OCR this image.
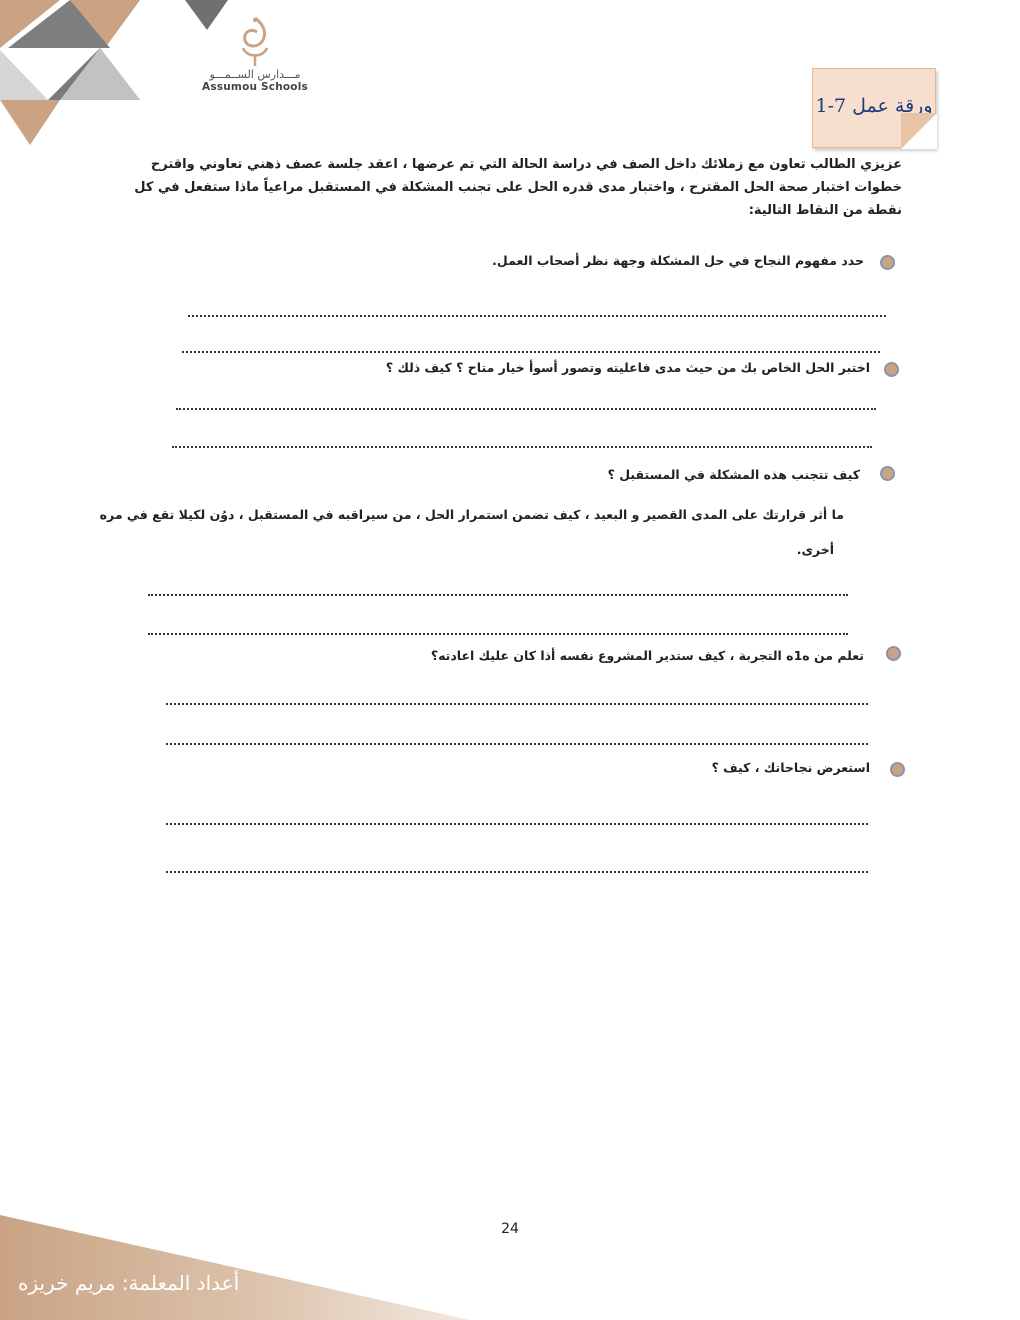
مـــدارس الســمـــو
Assumou Schools
ورقة عمل 7-1
عزيزي الطالب تعاون مع زملائك داخل الصف في دراسة الحالة التي تم عرضها ، اعقد جلسة عصف ذهني تعاوني واقترح خطوات اختبار صحة الحل المقترح ، واختبار مدى قدره الحل على تجنب المشكلة في المستقبل مراعياً ماذا ستفعل في كل نقطة من النقاط التالية:
حدد مفهوم النجاح في حل المشكلة وجهة نظر أصحاب العمل.
اختبر الحل الخاص بك من حيث مدى فاعليته وتصور أسوأ خيار متاح ؟ كيف ذلك ؟
كيف تتجنب هذه المشكلة في المستقبل ؟
ما أثر قرارتك على المدى القصير و البعيد ، كيف تضمن استمرار الحل ، من سيراقبه في المستقبل ، دوُن لكيلا تقع في مره
أخرى.
تعلم من ه1ه التجربة ، كيف ستدير المشروع نفسه أذا كان عليك اعادته؟
استعرض نجاحاتك ، كيف ؟
24
أعداد المعلمة: مريم خريزه
